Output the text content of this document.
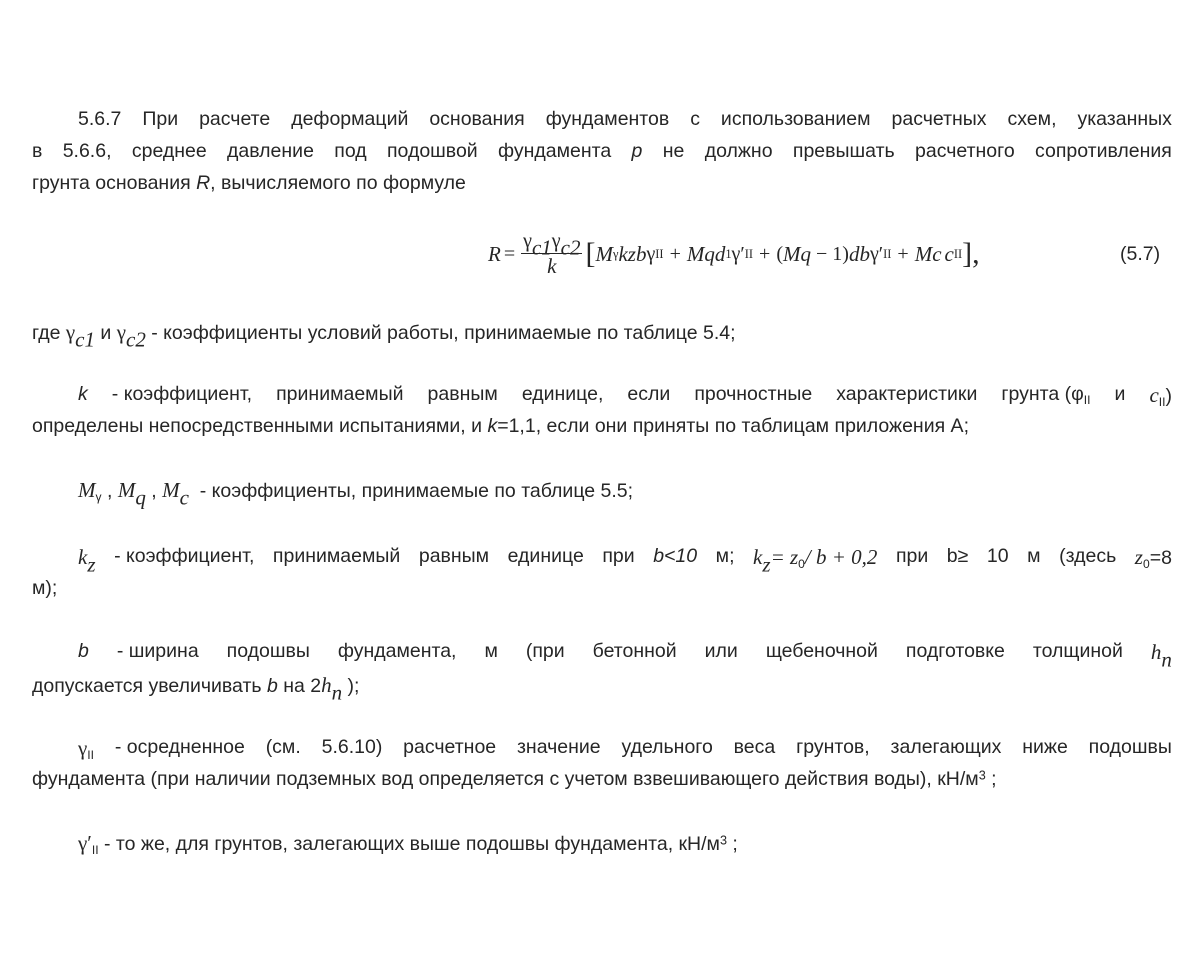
5.6.7 При расчете деформаций основания фундаментов с использованием расчетных схем, указанных
в 5.6.6, среднее давление под подошвой фундамента p не должно превышать расчетного сопротивления
грунта основания R, вычисляемого по формуле
$R = \frac{\gamma_{c1}\gamma_{c2}}{k}$ [ M γ k z b γ II + M q d 1 γ′ II + ( M q − 1) d b γ′ II + M c c II ],	(5.7)
где $\gamma_{c1}$ и $\gamma_{c2}$ - коэффициенты условий работы, принимаемые по таблице 5.4;
k - коэффициент, принимаемый равным единице, если прочностные характеристики грунта ($\varphi_{II}$ и $c_{II}$)
определены непосредственными испытаниями, и k=1,1, если они приняты по таблицам приложения А;
$M_\gamma$ , $M_q$ , $M_c$  - коэффициенты, принимаемые по таблице 5.5;
$k_z$ - коэффициент, принимаемый равным единице при b<10 м; $k_z= z_0/$ b + 0,2 при b≥ 10 м (здесь $z_0=8$
м);
b - ширина подошвы фундамента, м (при бетонной или щебеночной подготовке толщиной $h_n$
допускается увеличивать b на $2h_n$ );
$\gamma_{II}$ - осредненное (см. 5.6.10) расчетное значение удельного веса грунтов, залегающих ниже подошвы
фундамента (при наличии подземных вод определяется с учетом взвешивающего действия воды), $кН/м^3$ ;
$\gamma'_{II}$ - то же, для грунтов, залегающих выше подошвы фундамента, $кН/м^3$ ;
